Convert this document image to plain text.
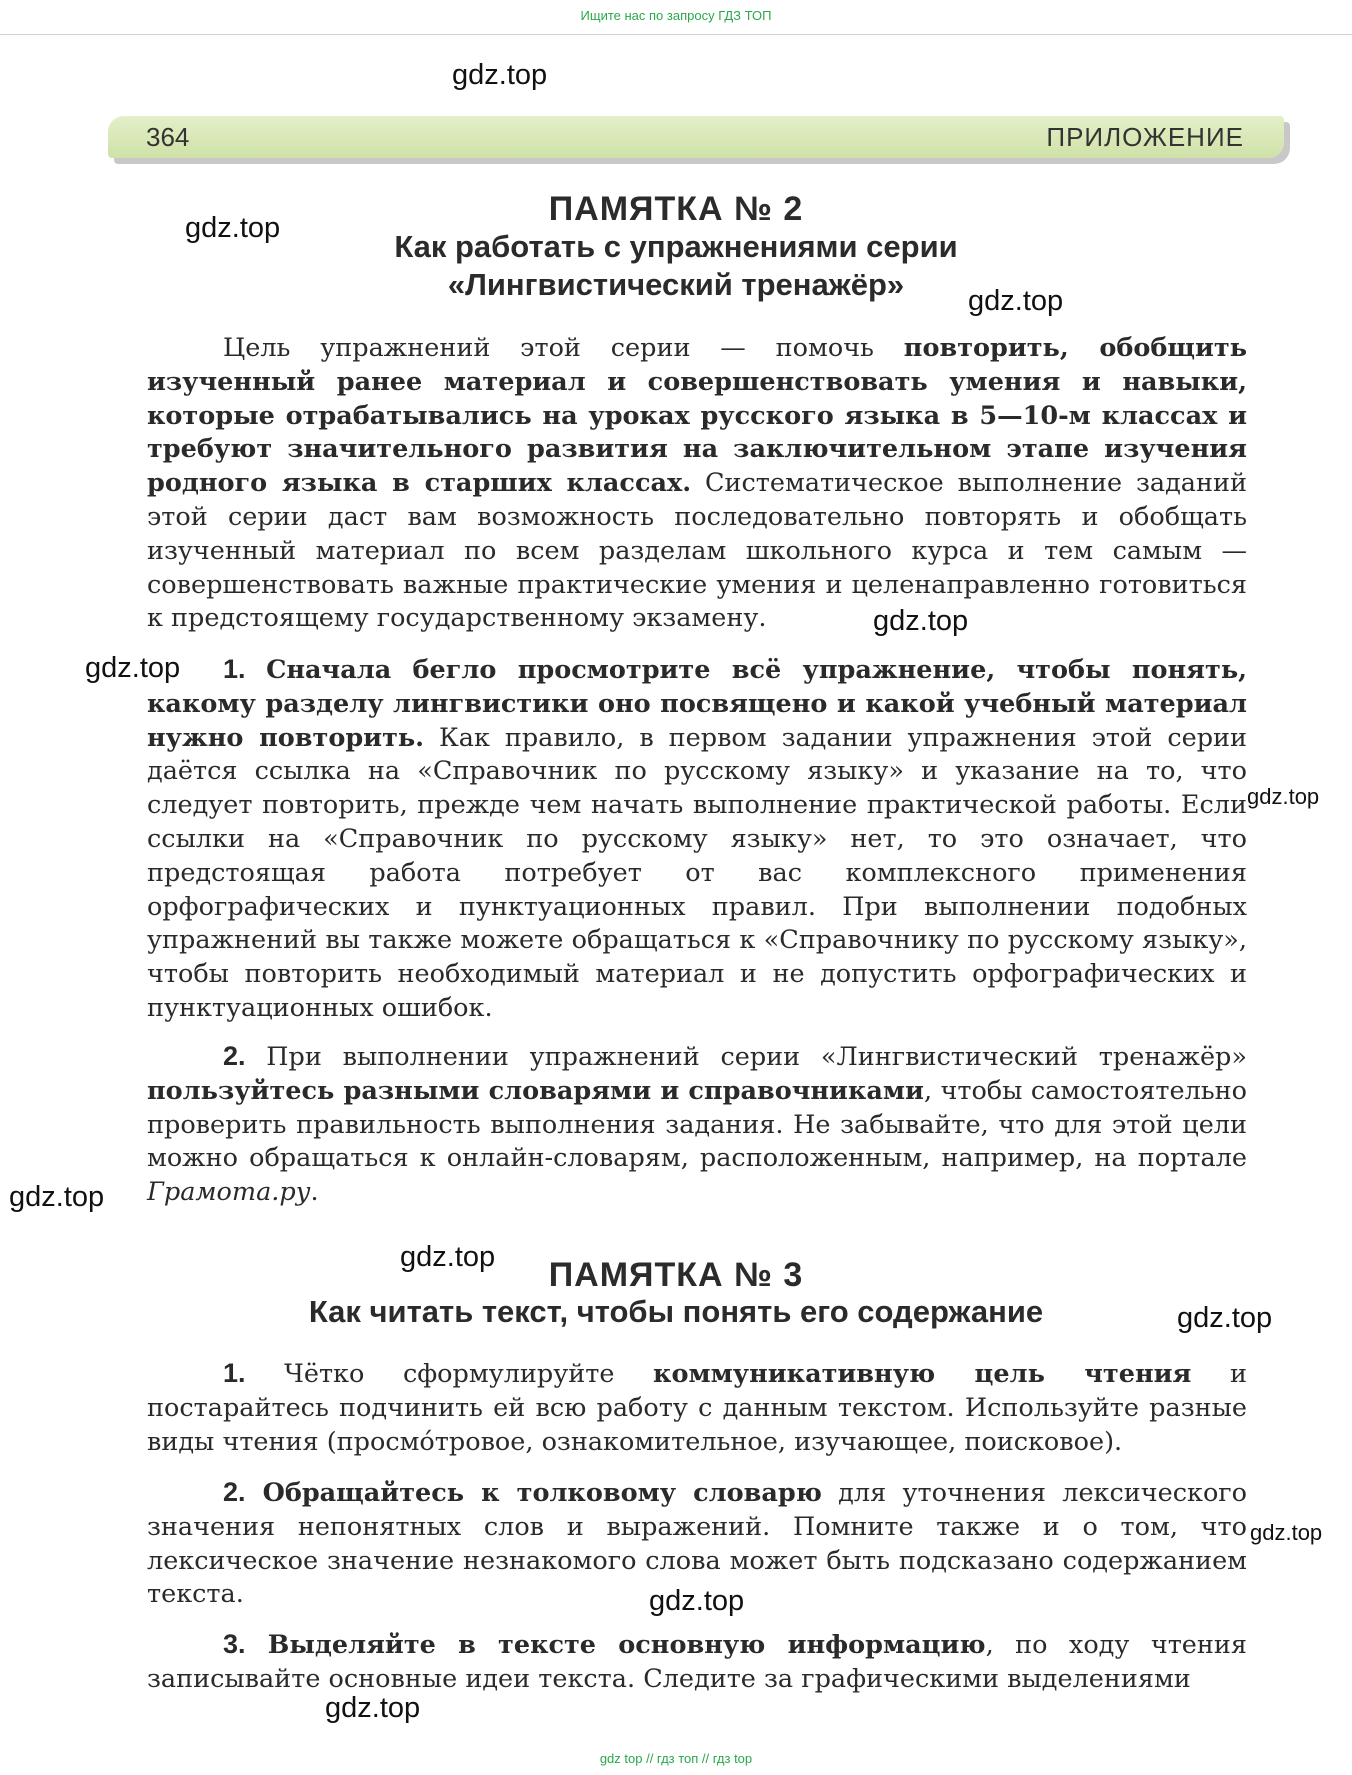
Ищите нас по запросу ГДЗ ТОП
gdz.top
gdz.top
gdz.top
gdz.top
gdz.top
gdz.top
gdz.top
gdz.top
gdz.top
gdz.top
gdz.top
gdz.top
364	ПРИЛОЖЕНИЕ
ПАМЯТКА № 2
Как работать с упражнениями серии
«Лингвистический тренажёр»

Цель упражнений этой серии — помочь повторить, обобщить изученный ранее материал и совершенствовать умения и навыки, которые отрабатывались на уроках русского языка в 5—10-м классах и требуют значительного развития на заключительном этапе изучения родного языка в старших классах. Систематическое выполнение заданий этой серии даст вам возможность последовательно повторять и обобщать изученный материал по всем разделам школьного курса и тем самым — совершенствовать важные практические умения и целенаправленно готовиться к предстоящему государственному экзамену.

1. Сначала бегло просмотрите всё упражнение, чтобы понять, какому разделу лингвистики оно посвящено и какой учебный материал нужно повторить. Как правило, в первом задании упражнения этой серии даётся ссылка на «Справочник по русскому языку» и указание на то, что следует повторить, прежде чем начать выполнение практической работы. Если ссылки на «Справочник по русскому языку» нет, то это означает, что предстоящая работа потребует от вас комплексного применения орфографических и пунктуационных правил. При выполнении подобных упражнений вы также можете обращаться к «Справочнику по русскому языку», чтобы повторить необходимый материал и не допустить орфографических и пунктуационных ошибок.

2. При выполнении упражнений серии «Лингвистический тренажёр» пользуйтесь разными словарями и справочниками, чтобы самостоятельно проверить правильность выполнения задания. Не забывайте, что для этой цели можно обращаться к онлайн-словарям, расположенным, например, на портале Грамота.ру.

ПАМЯТКА № 3
Как читать текст, чтобы понять его содержание

1. Чётко сформулируйте коммуникативную цель чтения и постарайтесь подчинить ей всю работу с данным текстом. Используйте разные виды чтения (просмо́тровое, ознакомительное, изучающее, поисковое).

2. Обращайтесь к толковому словарю для уточнения лексического значения непонятных слов и выражений. Помните также и о том, что лексическое значение незнакомого слова может быть подсказано содержанием текста.

3. Выделяйте в тексте основную информацию, по ходу чтения записывайте основные идеи текста. Следите за графическими выделениями

gdz top // гдз топ // гдз top
